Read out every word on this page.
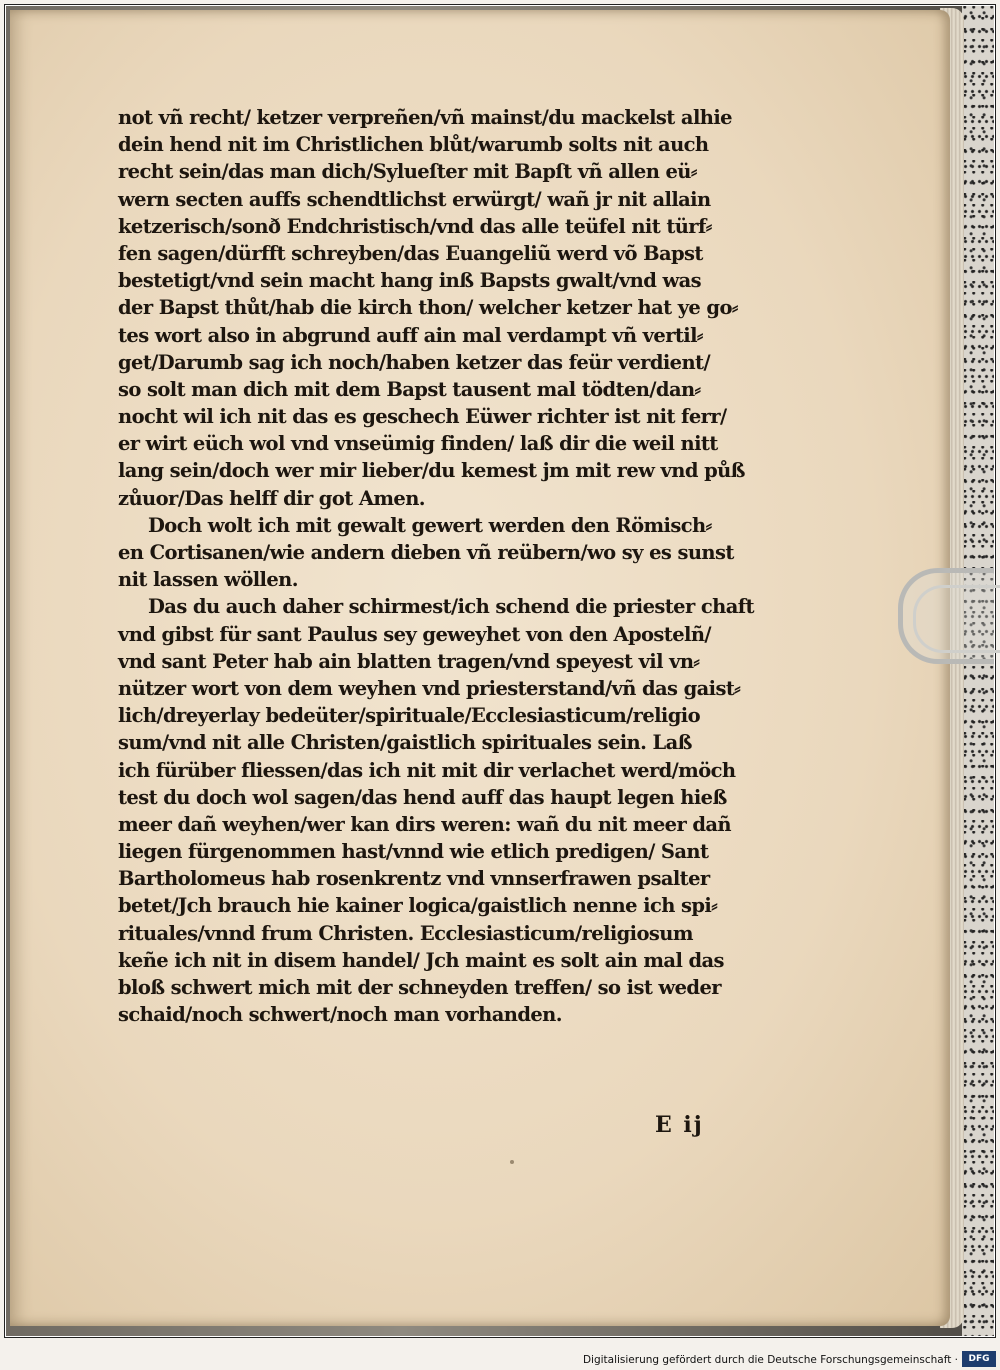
not vñ recht/ ketzer verpreñen/vñ mainst/du mackelst alhie
dein hend nit im Christlichen blůt/warumb solts nit auch
recht sein/das man dich/Sylueſter mit Bapſt vñ allen eü⸗
wern secten auffs schendtlichst erwürgt/ wañ jr nit allain
ketzerisch/sonð Endchristisch/vnd das alle teüfel nit türf⸗
fen sagen/dürfft schreyben/das Euangeliũ werd võ Bapst
bestetigt/vnd sein macht hang inß Bapsts gwalt/vnd was
der Bapst thůt/hab die kirch thon/ welcher ketzer hat ye go⸗
tes wort also in abgrund auff ain mal verdampt vñ vertil⸗
get/Darumb sag ich noch/haben ketzer das feür verdient/
so solt man dich mit dem Bapst tausent mal tödten/dan⸗
nocht wil ich nit das es geschech Eüwer richter ist nit ferr/
er wirt eüch wol vnd vnseümig finden/ laß dir die weil nitt
lang sein/doch wer mir lieber/du kemest jm mit rew vnd půß
zůuor/Das helff dir got Amen.
Doch wolt ich mit gewalt gewert werden den Römisch⸗
en Cortisanen/wie andern dieben vñ reübern/wo sy es sunst
nit lassen wöllen.
Das du auch daher schirmest/ich schend die priester chaft
vnd gibst für sant Paulus sey geweyhet von den Apostelñ/
vnd sant Peter hab ain blatten tragen/vnd speyest vil vn⸗
nützer wort von dem weyhen vnd priesterstand/vñ das gaist⸗
lich/dreyerlay bedeüter/spirituale/Ecclesiasticum/religio
sum/vnd nit alle Christen/gaistlich spirituales sein. Laß
ich fürüber fliessen/das ich nit mit dir verlachet werd/möch
test du doch wol sagen/das hend auff das haupt legen hieß
meer dañ weyhen/wer kan dirs weren: wañ du nit meer dañ
liegen fürgenommen hast/vnnd wie etlich predigen/ Sant
Bartholomeus hab rosenkrentz vnd vnnserfrawen psalter
betet/Jch brauch hie kainer logica/gaistlich nenne ich spi⸗
rituales/vnnd frum Christen. Ecclesiasticum/religiosum
keñe ich nit in disem handel/ Jch maint es solt ain mal das
bloß schwert mich mit der schneyden treffen/ so ist weder
schaid/noch schwert/noch man vorhanden.
E ij
Digitalisierung gefördert durch die Deutsche Forschungsgemeinschaft ·	DFG
